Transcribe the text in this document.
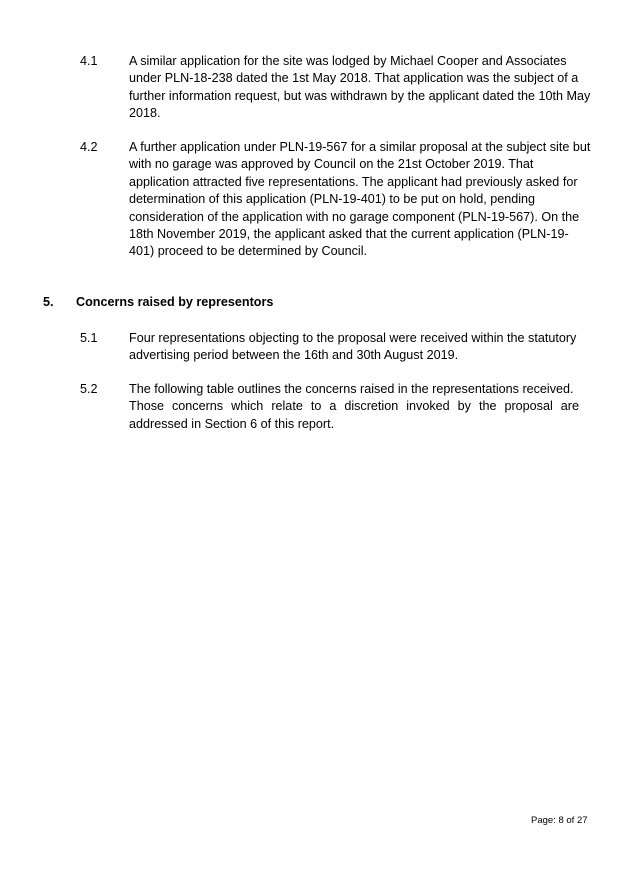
4.1 A similar application for the site was lodged by Michael Cooper and Associates
under PLN-18-238 dated the 1st May 2018. That application was the subject of a
further information request, but was withdrawn by the applicant dated the 10th May
2018.
4.2 A further application under PLN-19-567 for a similar proposal at the subject site but
with no garage was approved by Council on the 21st October 2019. That
application attracted five representations. The applicant had previously asked for
determination of this application (PLN-19-401) to be put on hold, pending
consideration of the application with no garage component (PLN-19-567). On the
18th November 2019, the applicant asked that the current application (PLN-19-
401) proceed to be determined by Council.
5. Concerns raised by representors
5.1 Four representations objecting to the proposal were received within the statutory
advertising period between the 16th and 30th August 2019.
5.2 The following table outlines the concerns raised in the representations received.
Those concerns which relate to a discretion invoked by the proposal are
addressed in Section 6 of this report.
Page: 8 of 27
